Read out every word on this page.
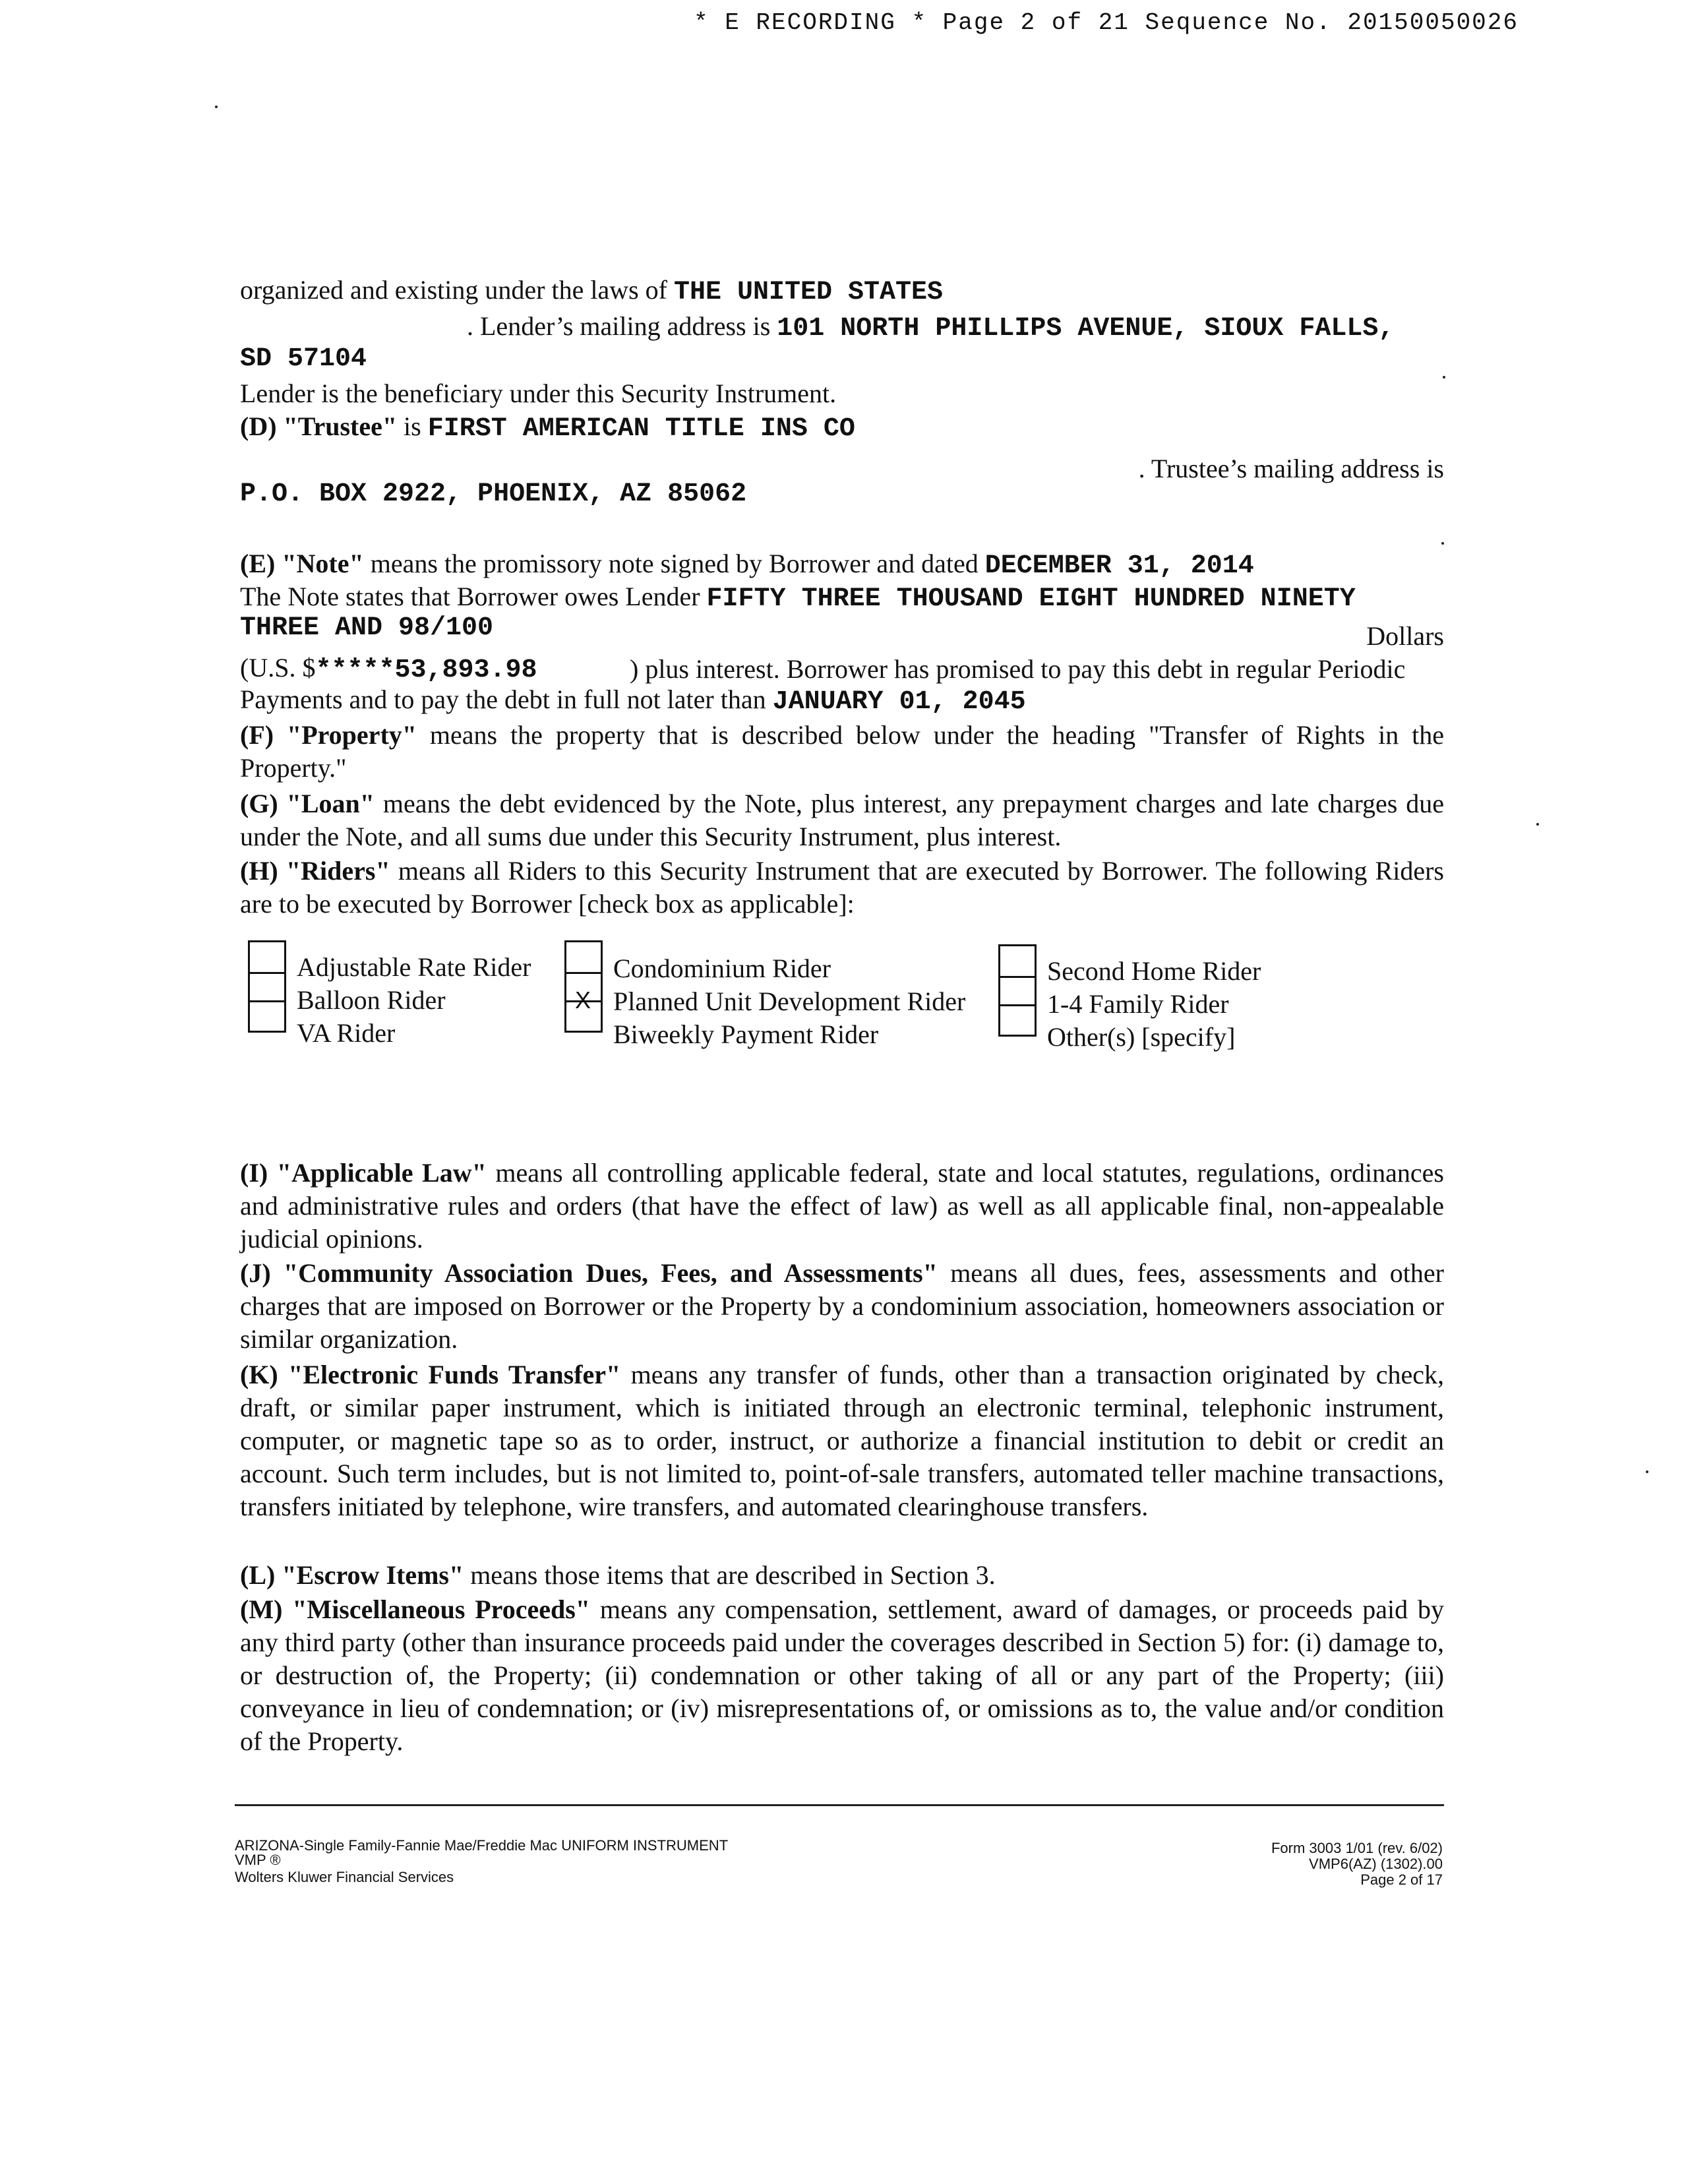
* E RECORDING * Page 2 of 21 Sequence No. 20150050026
organized and existing under the laws of THE UNITED STATES
. Lender’s mailing address is 101 NORTH PHILLIPS AVENUE, SIOUX FALLS,
SD 57104
Lender is the beneficiary under this Security Instrument.
(D) "Trustee" is FIRST AMERICAN TITLE INS CO
. Trustee’s mailing address is
P.O. BOX 2922, PHOENIX, AZ 85062
(E) "Note" means the promissory note signed by Borrower and dated DECEMBER 31, 2014
The Note states that Borrower owes Lender FIFTY THREE THOUSAND EIGHT HUNDRED NINETY
THREE AND 98/100	Dollars
(U.S. $*****53,893.98	) plus interest. Borrower has promised to pay this debt in regular Periodic
Payments and to pay the debt in full not later than JANUARY 01, 2045
(F) "Property" means the property that is described below under the heading "Transfer of Rights in the Property."
(G) "Loan" means the debt evidenced by the Note, plus interest, any prepayment charges and late charges due under the Note, and all sums due under this Security Instrument, plus interest.
(H) "Riders" means all Riders to this Security Instrument that are executed by Borrower. The following Riders are to be executed by Borrower [check box as applicable]:
Adjustable Rate Rider
Balloon Rider
VA Rider
X
Condominium Rider
Planned Unit Development Rider
Biweekly Payment Rider
Second Home Rider
1-4 Family Rider
Other(s) [specify]
(I) "Applicable Law" means all controlling applicable federal, state and local statutes, regulations, ordinances and administrative rules and orders (that have the effect of law) as well as all applicable final, non-appealable judicial opinions.
(J) "Community Association Dues, Fees, and Assessments" means all dues, fees, assessments and other charges that are imposed on Borrower or the Property by a condominium association, homeowners association or similar organization.
(K) "Electronic Funds Transfer" means any transfer of funds, other than a transaction originated by check, draft, or similar paper instrument, which is initiated through an electronic terminal, telephonic instrument, computer, or magnetic tape so as to order, instruct, or authorize a financial institution to debit or credit an account. Such term includes, but is not limited to, point-of-sale transfers, automated teller machine transactions, transfers initiated by telephone, wire transfers, and automated clearinghouse transfers.
(L) "Escrow Items" means those items that are described in Section 3.
(M) "Miscellaneous Proceeds" means any compensation, settlement, award of damages, or proceeds paid by any third party (other than insurance proceeds paid under the coverages described in Section 5) for: (i) damage to, or destruction of, the Property; (ii) condemnation or other taking of all or any part of the Property; (iii) conveyance in lieu of condemnation; or (iv) misrepresentations of, or omissions as to, the value and/or condition of the Property.
ARIZONA-Single Family-Fannie Mae/Freddie Mac UNIFORM INSTRUMENT
VMP ®
Wolters Kluwer Financial Services
Form 3003 1/01 (rev. 6/02)
VMP6(AZ) (1302).00
Page 2 of 17
